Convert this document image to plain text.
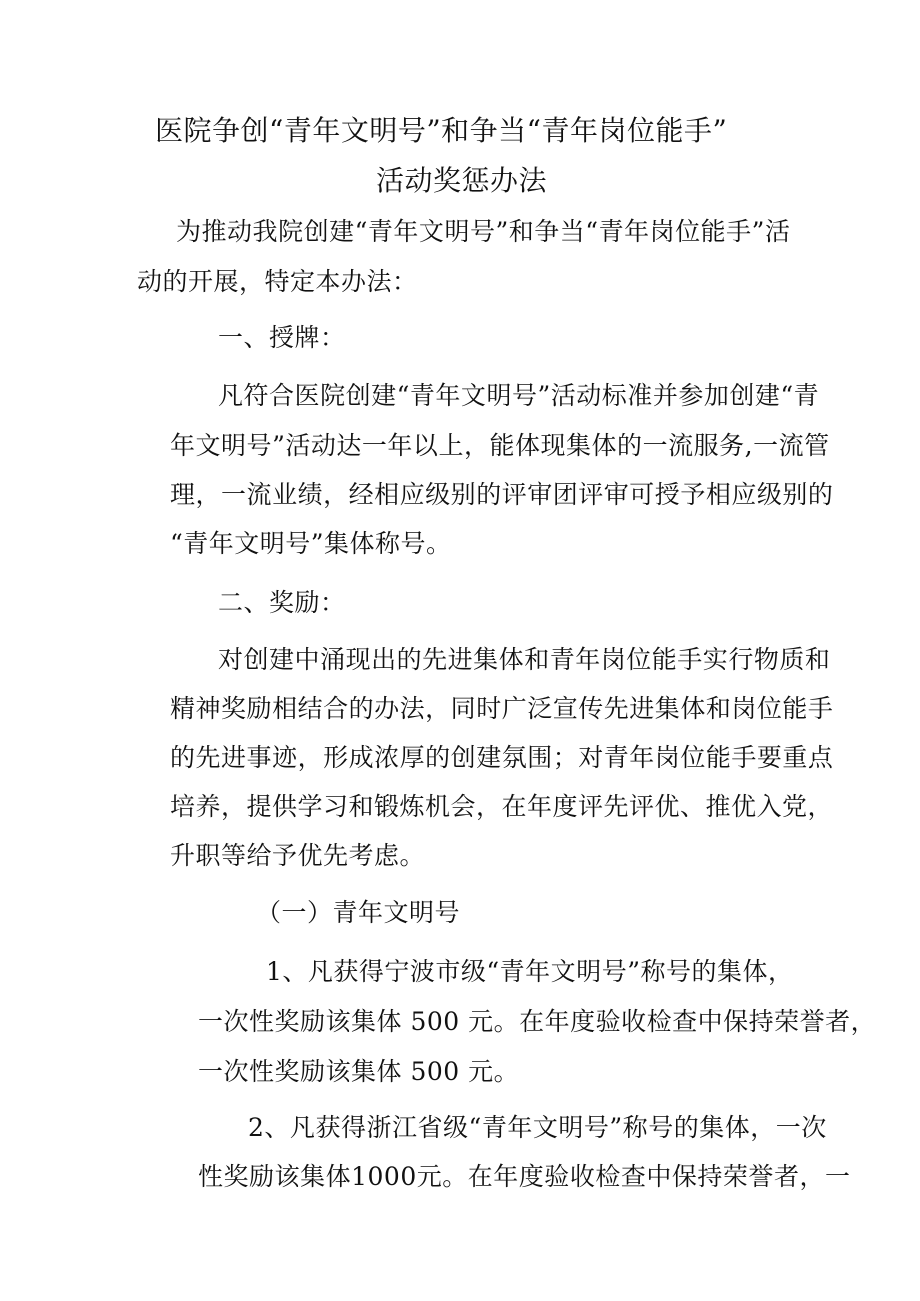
医院争创“青年文明号”和争当“青年岗位能手”
活动奖惩办法
为 推 动 我 院 创 建 “ 青 年 文 明 号 ” 和 争 当 “ 青 年 岗 位 能 手 ” 活
动的开展，特定本办法：
一、授牌：
凡 符 合 医 院 创 建 “ 青 年 文 明 号 ” 活 动 标 准 并 参 加 创 建 “ 青
年 文 明 号 ” 活 动 达 一 年 以 上 ， 能 体 现 集 体 的 一 流 服 务 , 一 流 管
理 ， 一 流 业 绩 ， 经 相 应 级 别 的 评 审 团 评 审 可 授 予 相 应 级 别 的
“青年文明号”集体称号。
二、奖励：
对 创 建 中 涌 现 出 的 先 进 集 体 和 青 年 岗 位 能 手 实 行 物 质 和
精 神 奖 励 相 结 合 的 办 法 ， 同 时 广 泛 宣 传 先 进 集 体 和 岗 位 能 手
的 先 进 事 迹 ， 形 成 浓 厚 的 创 建 氛 围 ； 对 青 年 岗 位 能 手 要 重 点
培养，提供学习和锻炼机会，在年度评先评优、推优入党，
升职等给予优先考虑。
（一）青年文明号
1、凡获得宁波市级“青年文明号”称号的集体，
一次性奖励该集体 500 元。在年度验收检查中保持荣誉者，
一次性奖励该集体 500 元。
2 、 凡 获 得 浙 江 省 级 “ 青 年 文 明 号 ” 称 号 的 集 体 ， 一 次
性 奖 励 该 集 体 1 0 0 0 元 。 在 年 度 验 收 检 查 中 保 持 荣 誉 者 ， 一
